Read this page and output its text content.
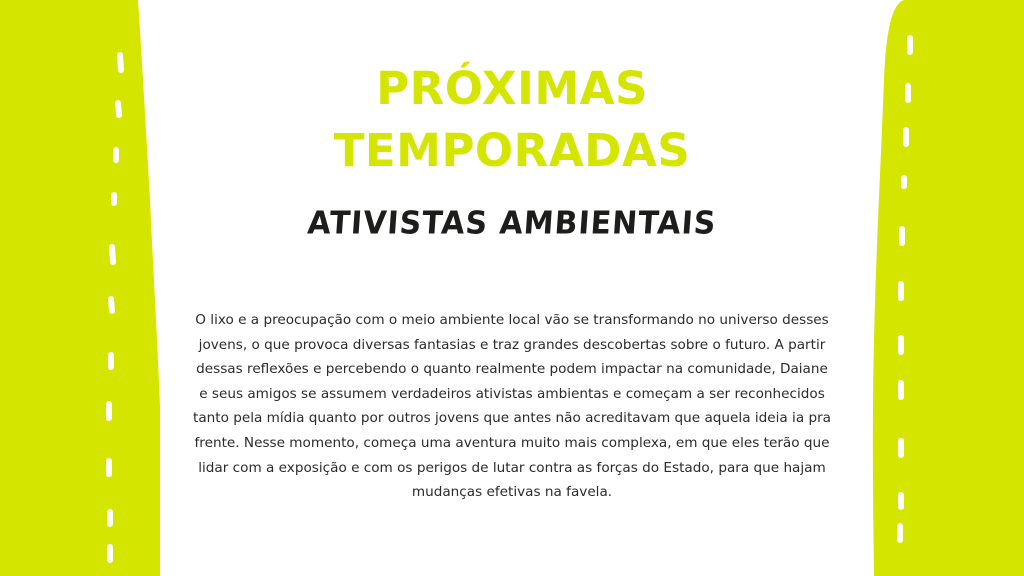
PRÓXIMAS
TEMPORADAS
ATIVISTAS AMBIENTAIS

O lixo e a preocupação com o meio ambiente local vão se transformando no universo desses jovens, o que provoca diversas fantasias e traz grandes descobertas sobre o futuro. A partir dessas reflexões e percebendo o quanto realmente podem impactar na comunidade, Daiane e seus amigos se assumem verdadeiros ativistas ambientas e começam a ser reconhecidos tanto pela mídia quanto por outros jovens que antes não acreditavam que aquela ideia ia pra frente. Nesse momento, começa uma aventura muito mais complexa, em que eles terão que lidar com a exposição e com os perigos de lutar contra as forças do Estado, para que hajam mudanças efetivas na favela.
